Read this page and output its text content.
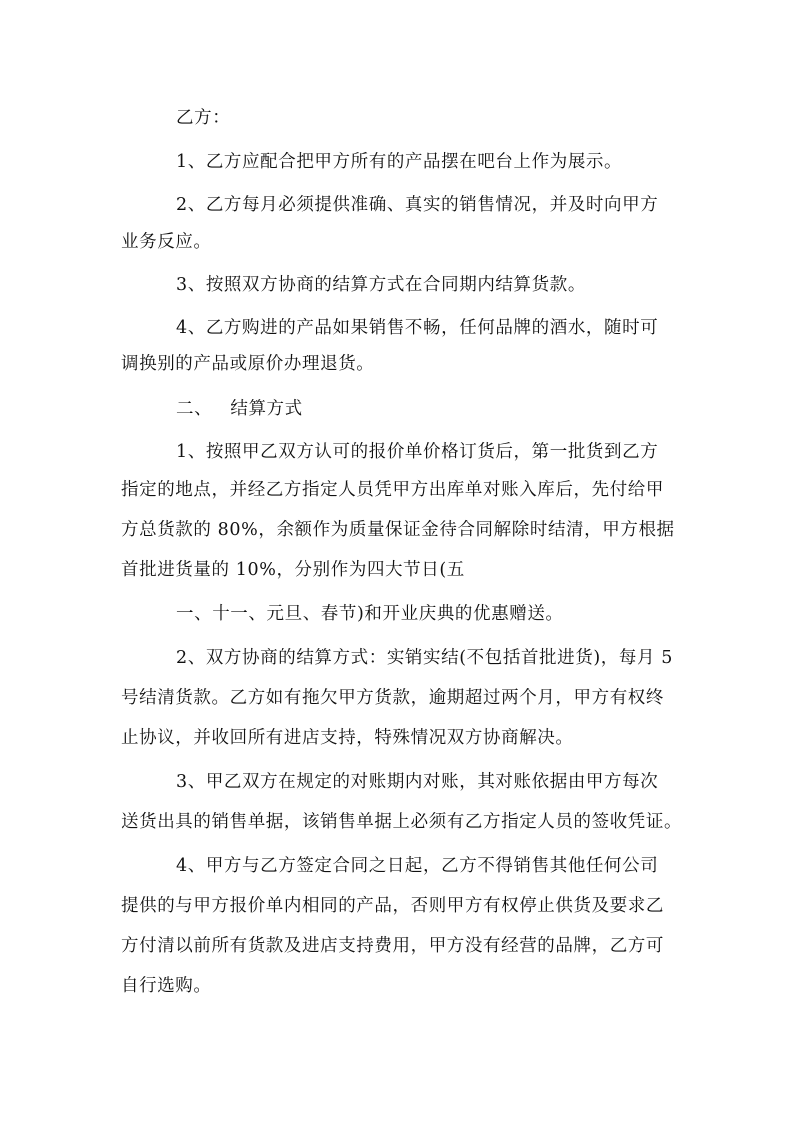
乙方：
1、乙方应配合把甲方所有的产品摆在吧台上作为展示。
2、乙方每月必须提供准确、真实的销售情况，并及时向甲方
业务反应。
3、按照双方协商的结算方式在合同期内结算货款。
4、乙方购进的产品如果销售不畅，任何品牌的酒水，随时可
调换别的产品或原价办理退货。
二、 结算方式
1、按照甲乙双方认可的报价单价格订货后，第一批货到乙方
指定的地点，并经乙方指定人员凭甲方出库单对账入库后，先付给甲
方总货款的 80%，余额作为质量保证金待合同解除时结清，甲方根据
首批进货量的 10%，分别作为四大节日(五
一、十一、元旦、春节)和开业庆典的优惠赠送。
2、双方协商的结算方式：实销实结(不包括首批进货)，每月 5
号结清货款。乙方如有拖欠甲方货款，逾期超过两个月，甲方有权终
止协议，并收回所有进店支持，特殊情况双方协商解决。
3、甲乙双方在规定的对账期内对账，其对账依据由甲方每次
送货出具的销售单据，该销售单据上必须有乙方指定人员的签收凭证。
4、甲方与乙方签定合同之日起，乙方不得销售其他任何公司
提供的与甲方报价单内相同的产品，否则甲方有权停止供货及要求乙
方付清以前所有货款及进店支持费用，甲方没有经营的品牌，乙方可
自行选购。
